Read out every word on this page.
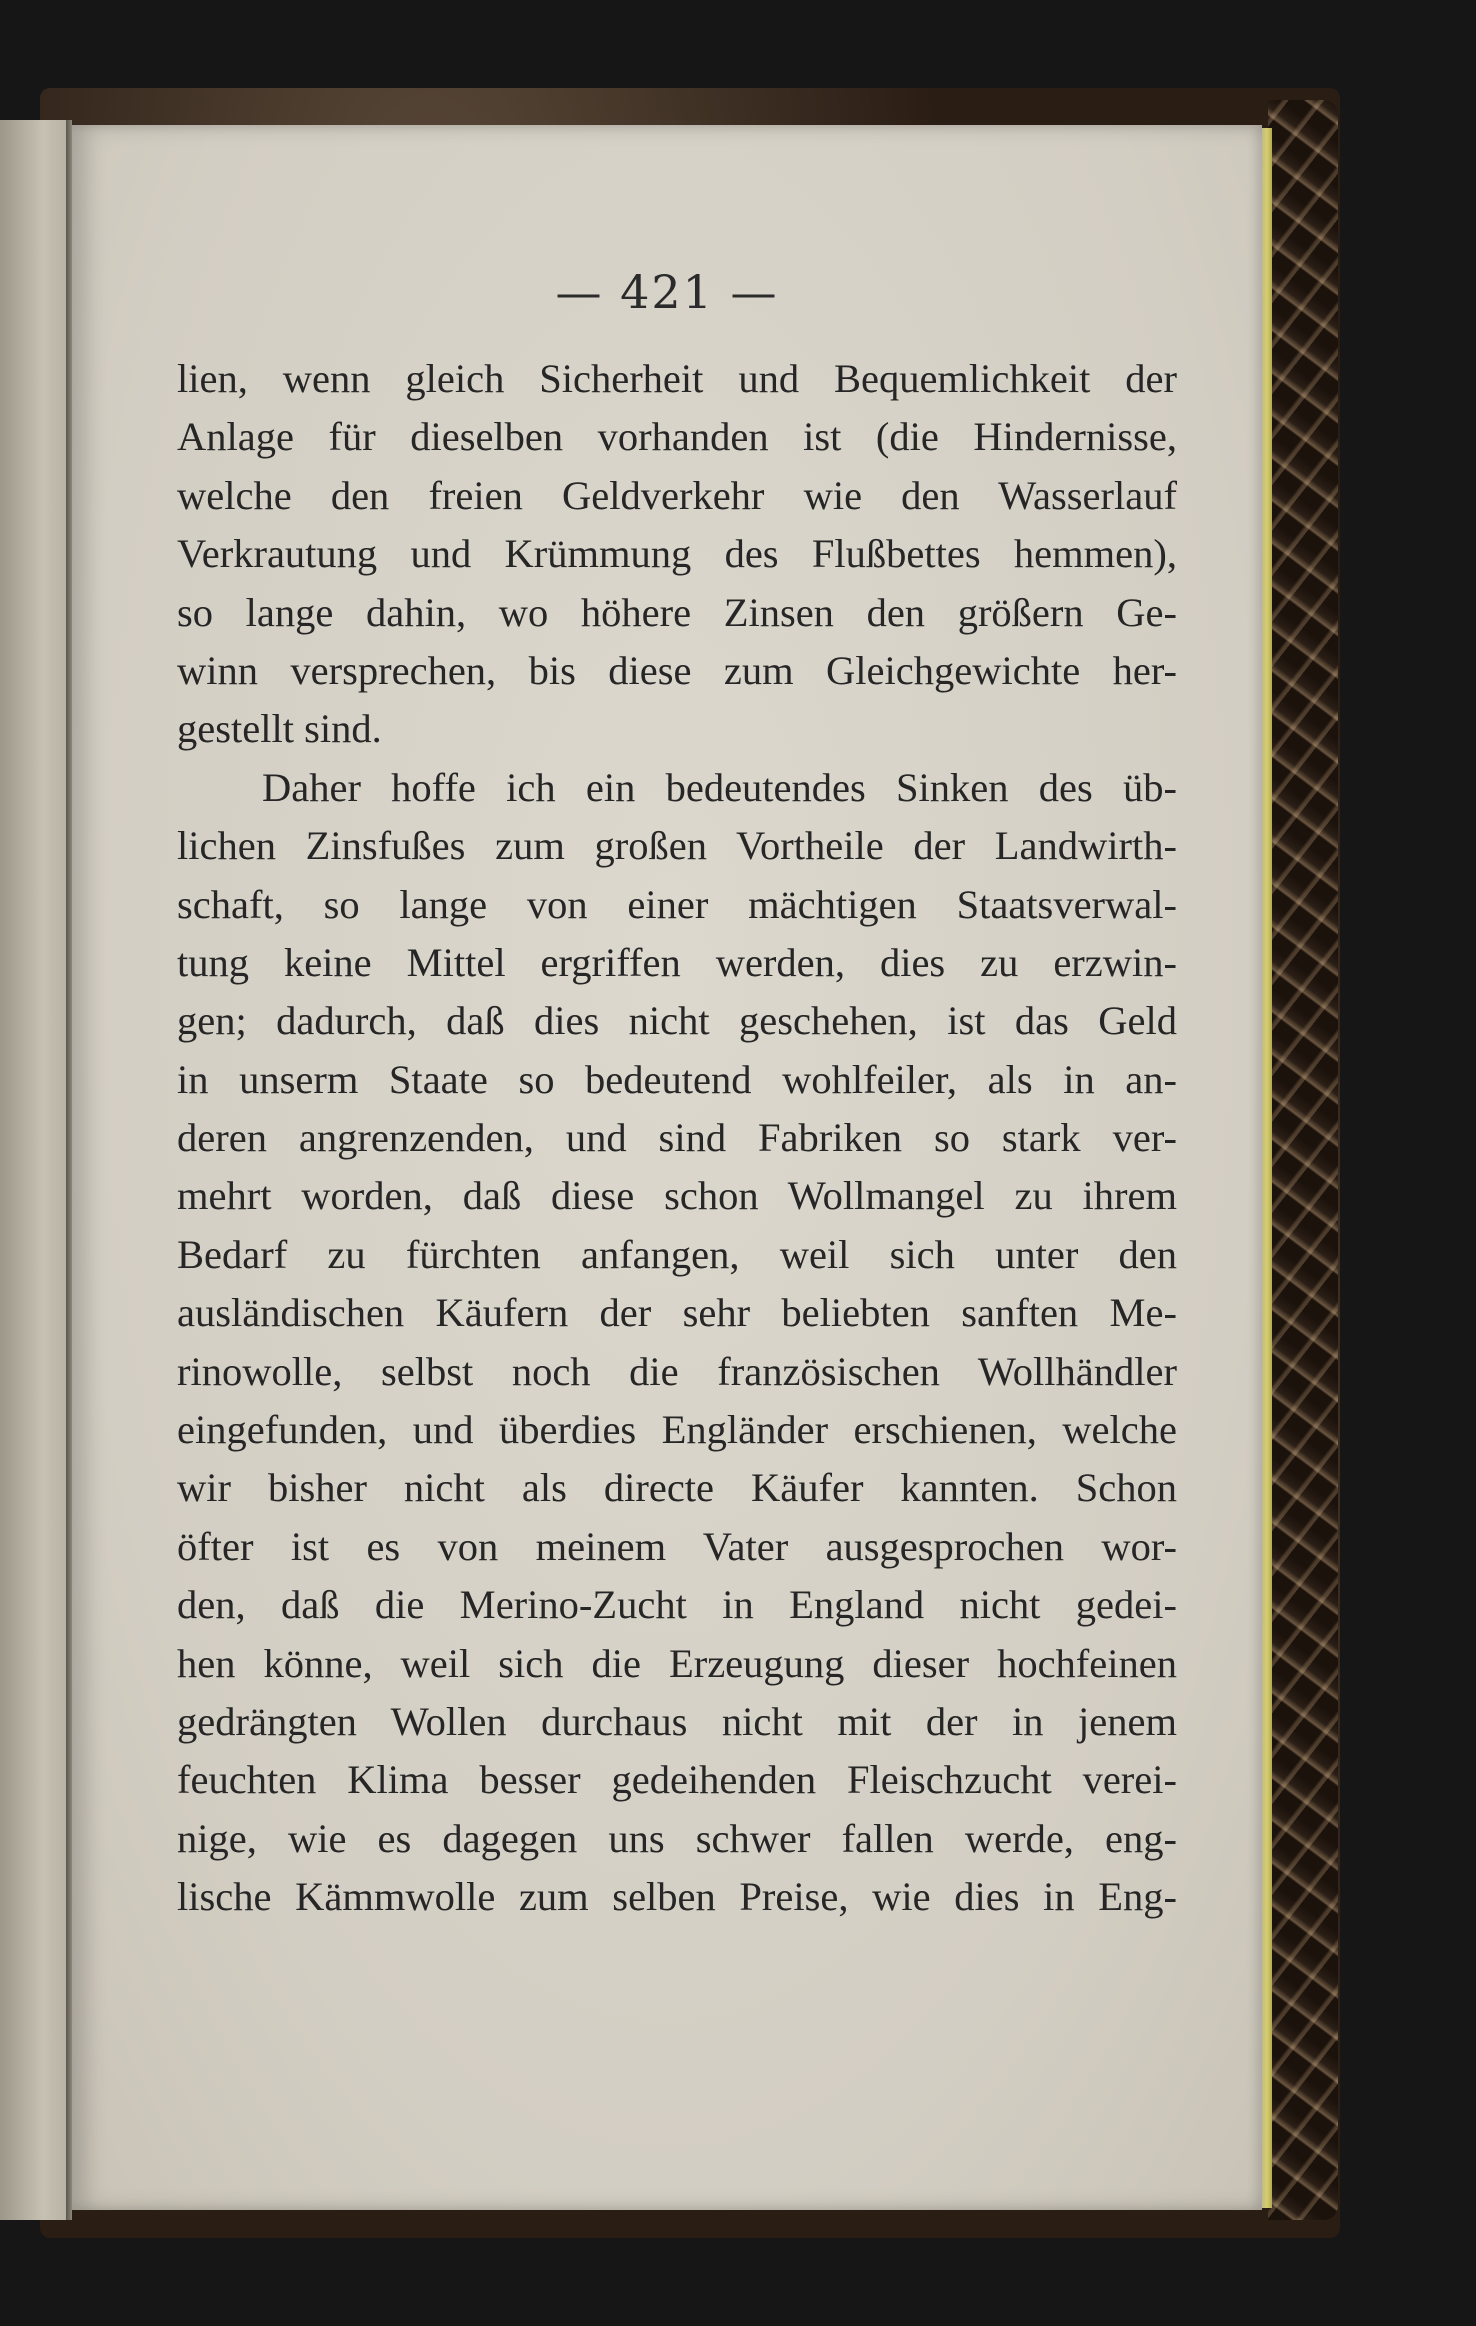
— 421 —
lien, wenn gleich Sicherheit und Bequemlichkeit der
Anlage für dieselben vorhanden ist (die Hindernisse,
welche den freien Geldverkehr wie den Wasserlauf
Verkrautung und Krümmung des Flußbettes hemmen),
so lange dahin, wo höhere Zinsen den größern Ge-
winn versprechen, bis diese zum Gleichgewichte her-
gestellt sind.
Daher hoffe ich ein bedeutendes Sinken des üb-
lichen Zinsfußes zum großen Vortheile der Landwirth-
schaft, so lange von einer mächtigen Staatsverwal-
tung keine Mittel ergriffen werden, dies zu erzwin-
gen; dadurch, daß dies nicht geschehen, ist das Geld
in unserm Staate so bedeutend wohlfeiler, als in an-
deren angrenzenden, und sind Fabriken so stark ver-
mehrt worden, daß diese schon Wollmangel zu ihrem
Bedarf zu fürchten anfangen, weil sich unter den
ausländischen Käufern der sehr beliebten sanften Me-
rinowolle, selbst noch die französischen Wollhändler
eingefunden, und überdies Engländer erschienen, welche
wir bisher nicht als directe Käufer kannten. Schon
öfter ist es von meinem Vater ausgesprochen wor-
den, daß die Merino-Zucht in England nicht gedei-
hen könne, weil sich die Erzeugung dieser hochfeinen
gedrängten Wollen durchaus nicht mit der in jenem
feuchten Klima besser gedeihenden Fleischzucht verei-
nige, wie es dagegen uns schwer fallen werde, eng-
lische Kämmwolle zum selben Preise, wie dies in Eng-
